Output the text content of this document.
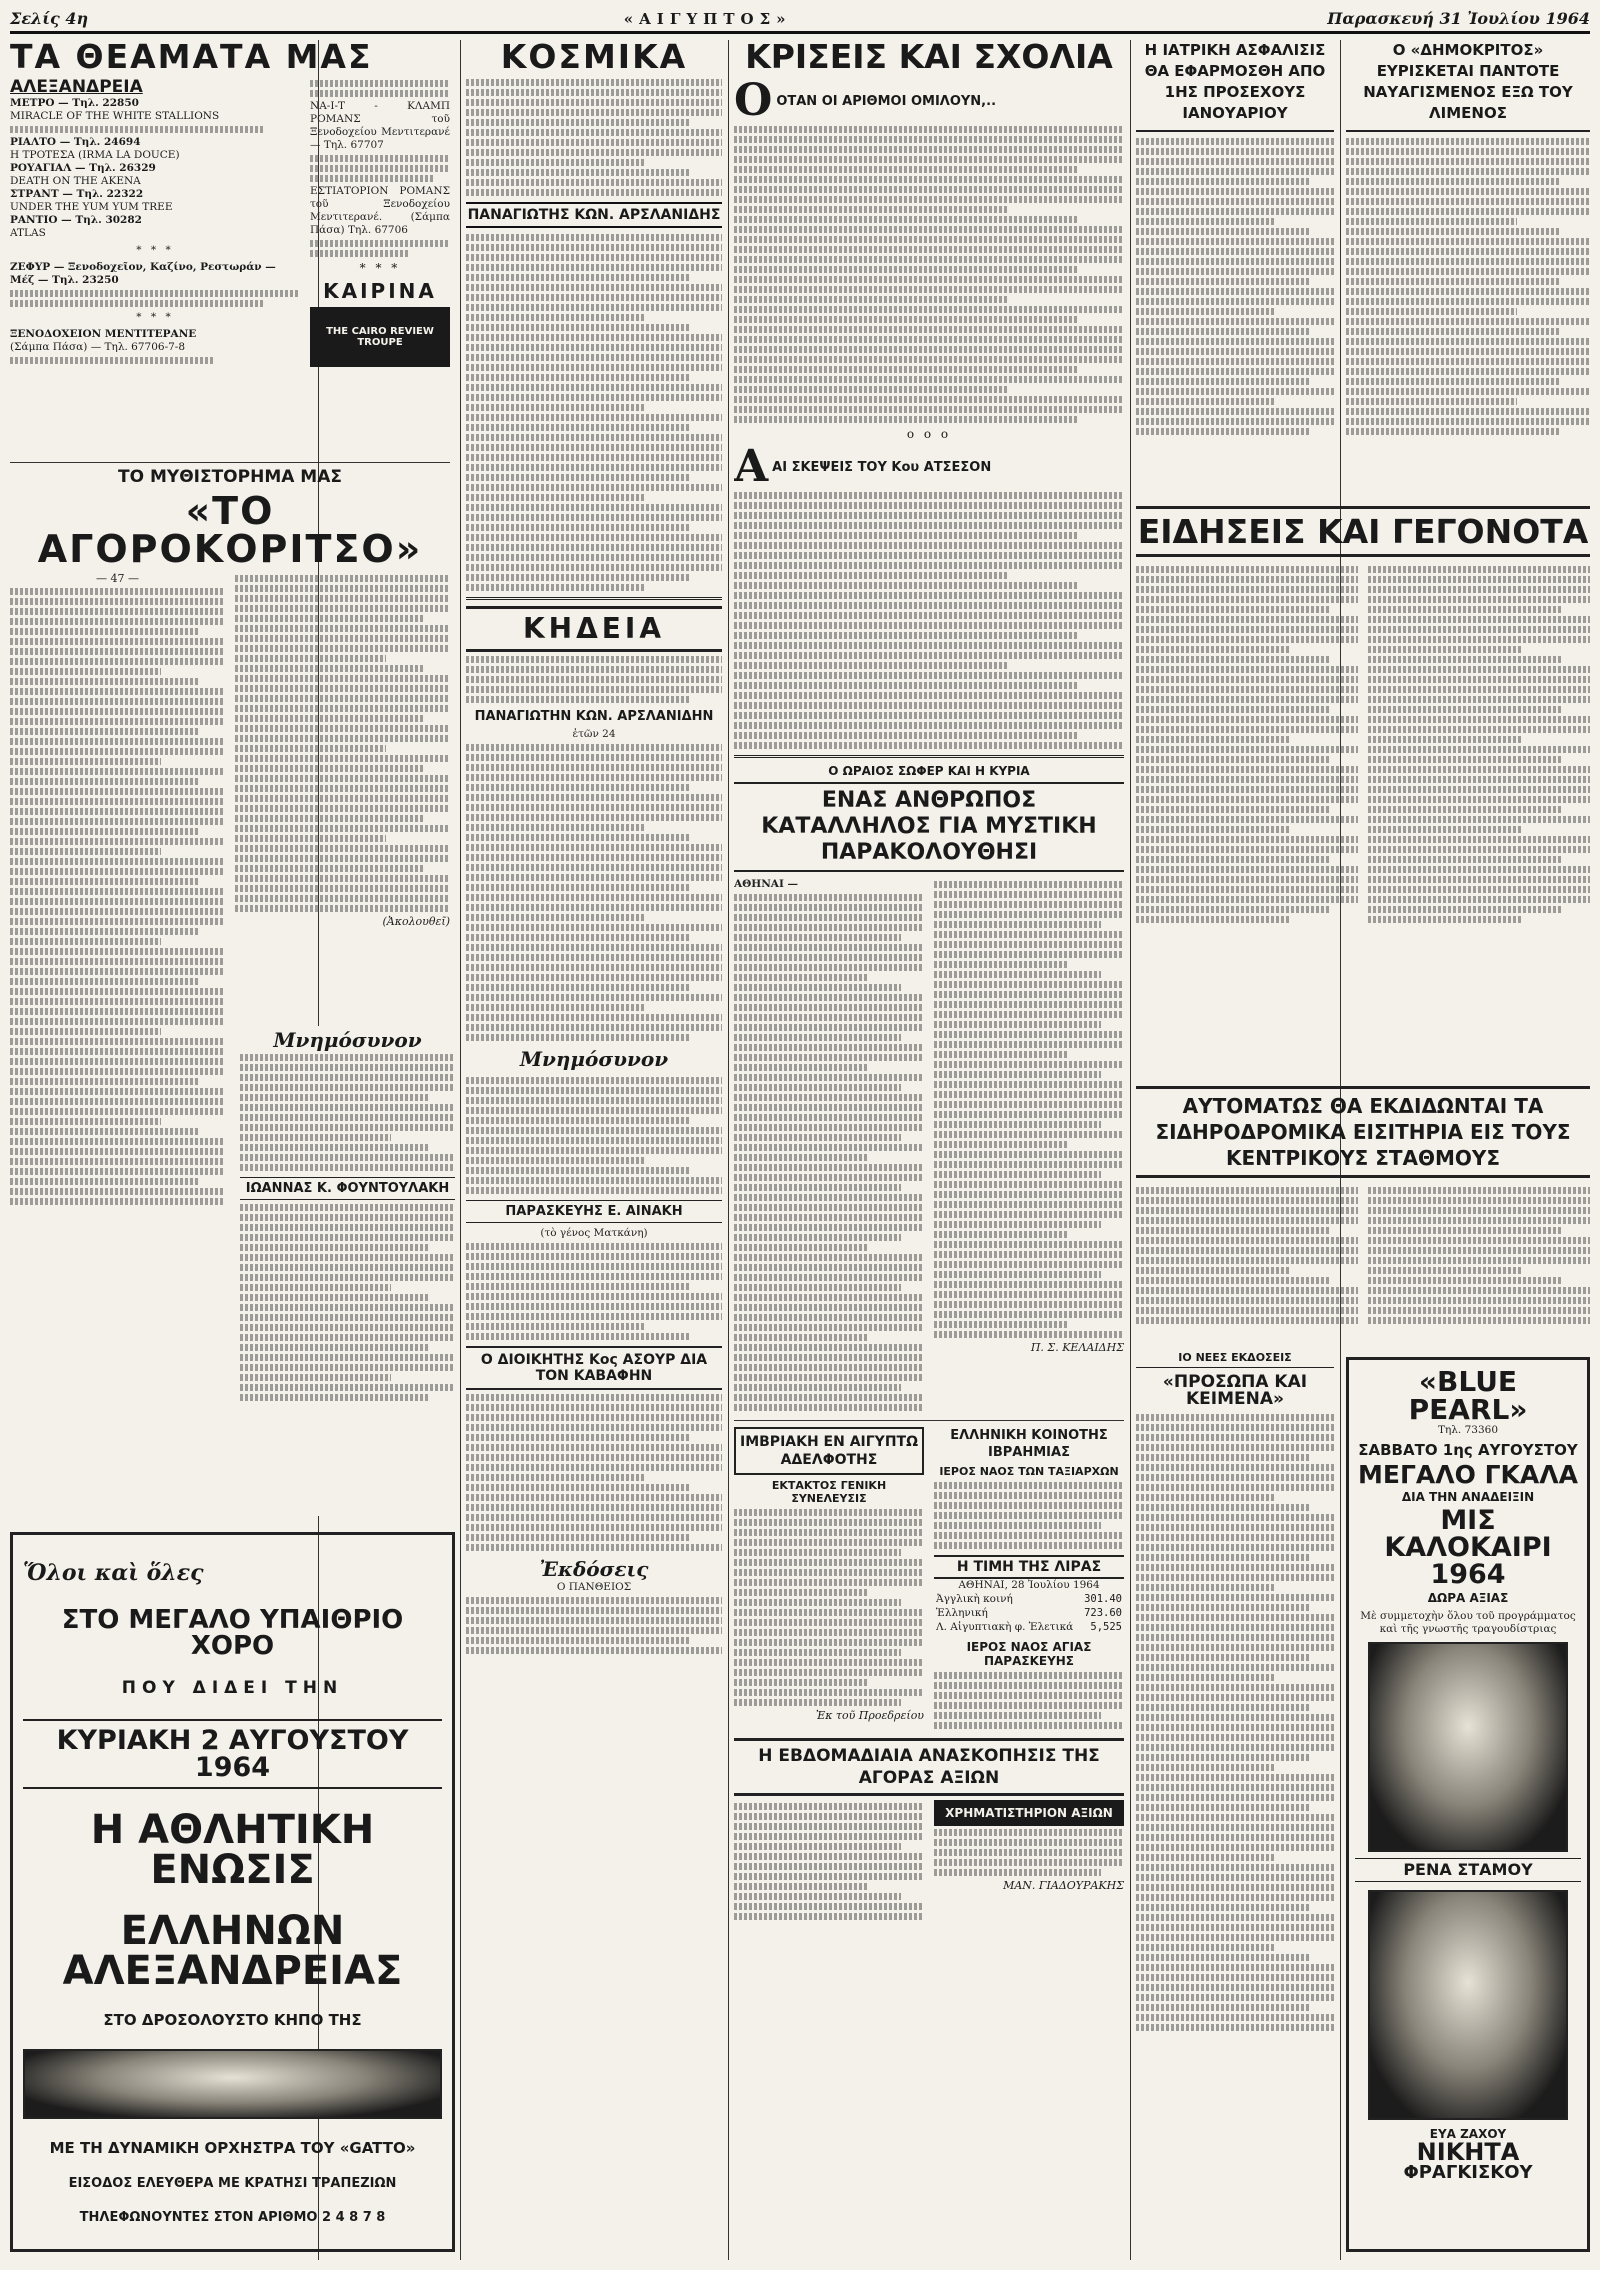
Σελίς 4η	«ΑΙΓΥΠΤΟΣ»	Παρασκευή 31 Ἰουλίου 1964
ΤΑ ΘΕΑΜΑΤΑ ΜΑΣ
ΑΛΕΞΑΝΔΡΕΙΑ
ΜΕΤΡΟ — Τηλ. 22850
MIRACLE OF THE WHITE STALLIONS
ΡΙΑΛΤΟ — Τηλ. 24694
Η ΤΡΟΤΕΣΑ (IRMA LA DOUCE)
ΡΟΥΑΓΙΑΛ — Τηλ. 26329
DEATH ON THE AKENA
ΣΤΡΑΝΤ — Τηλ. 22322
UNDER THE YUM YUM TREE
ΡΑΝΤΙΟ — Τηλ. 30282
ATLAS
* * *
ΖΕΦΥΡ — Ξενοδοχεῖον, Καζίνο, Ρεστωράν — Μέζ — Τηλ. 23250
* * *
ΞΕΝΟΔΟΧΕΙΟΝ ΜΕΝΤΙΤΕΡΑΝΕ
(Σάμπα Πάσα) — Τηλ. 67706-7-8
ΝΑ-Ι-Τ - ΚΛΑΜΠ ΡΟΜΑΝΣ τοῦ Ξενοδοχείου Μεντιτερανέ — Τηλ. 67707
ΕΣΤΙΑΤΟΡΙΟΝ ΡΟΜΑΝΣ τοῦ Ξενοδοχείου Μεντιτερανέ. (Σάμπα Πάσα) Τηλ. 67706
* * *
ΚΑΙΡΙΝΑ
THE CAIRO REVIEW TROUPE
ΤΟ ΜΥΘΙΣΤΟΡΗΜΑ ΜΑΣ
«ΤΟ ΑΓΟΡΟΚΟΡΙΤΣΟ»
— 47 —
(Ἀκολουθεῖ)
Ὅλοι καὶ ὅλες
ΣΤΟ ΜΕΓΑΛΟ ΥΠΑΙΘΡΙΟ ΧΟΡΟ
ΠΟΥ ΔΙΔΕΙ ΤΗΝ
ΚΥΡΙΑΚΗ 2 ΑΥΓΟΥΣΤΟΥ 1964
Η ΑΘΛΗΤΙΚΗ ΕΝΩΣΙΣ
ΕΛΛΗΝΩΝ ΑΛΕΞΑΝΔΡΕΙΑΣ
ΣΤΟ ΔΡΟΣΟΛΟΥΣΤΟ ΚΗΠΟ ΤΗΣ
ΜΕ ΤΗ ΔΥΝΑΜΙΚΗ ΟΡΧΗΣΤΡΑ ΤΟΥ «GATTO»
ΕΙΣΟΔΟΣ ΕΛΕΥΘΕΡΑ ΜΕ ΚΡΑΤΗΣΙ ΤΡΑΠΕΖΙΩΝ
ΤΗΛΕΦΩΝΟΥΝΤΕΣ ΣΤΟΝ ΑΡΙΘΜΟ 2 4 8 7 8
ΚΟΣΜΙΚΑ
ΠΑΝΑΓΙΩΤΗΣ ΚΩΝ. ΑΡΣΛΑΝΙΔΗΣ
ΚΗΔΕΙΑ
ΠΑΝΑΓΙΩΤΗΝ ΚΩΝ. ΑΡΣΛΑΝΙΔΗΝ
ἐτῶν 24
Μνημόσυνον
ΠΑΡΑΣΚΕΥΗΣ Ε. ΑΙΝΑΚΗ
(τὸ γένος Ματκάνη)
Ο ΔΙΟΙΚΗΤΗΣ Κος ΑΣΟΥΡ ΔΙΑ ΤΟΝ ΚΑΒΑΦΗΝ
Ἐκδόσεις
Ο ΠΑΝΘΕΙΟΣ
Μνημόσυνον
ΙΩΑΝΝΑΣ Κ. ΦΟΥΝΤΟΥΛΑΚΗ
ΚΡΙΣΕΙΣ ΚΑΙ ΣΧΟΛΙΑ
Ο ΟΤΑΝ ΟΙ ΑΡΙΘΜΟΙ ΟΜΙΛΟΥΝ,..
o o o
Α ΑΙ ΣΚΕΨΕΙΣ ΤΟΥ Κου ΑΤΣΕΣΟΝ
Ο ΩΡΑΙΟΣ ΣΩΦΕΡ ΚΑΙ Η ΚΥΡΙΑ
ΕΝΑΣ ΑΝΘΡΩΠΟΣ ΚΑΤΑΛΛΗΛΟΣ ΓΙΑ ΜΥΣΤΙΚΗ ΠΑΡΑΚΟΛΟΥΘΗΣΙ
ΑΘΗΝΑΙ —
Π. Σ. ΚΕΛΑΙΔΗΣ
ΙΜΒΡΙΑΚΗ ΕΝ ΑΙΓΥΠΤΩ ΑΔΕΛΦΟΤΗΣ
ΕΚΤΑΚΤΟΣ ΓΕΝΙΚΗ ΣΥΝΕΛΕΥΣΙΣ
Ἐκ τοῦ Προεδρείου
ΕΛΛΗΝΙΚΗ ΚΟΙΝΟΤΗΣ ΙΒΡΑΗΜΙΑΣ
ΙΕΡΟΣ ΝΑΟΣ ΤΩΝ ΤΑΞΙΑΡΧΩΝ
Η ΤΙΜΗ ΤΗΣ ΛΙΡΑΣ
ΑΘΗΝΑΙ, 28 Ἰουλίου 1964
Ἀγγλικὴ κοινή	301.40
Ἑλληνική	723.60
Λ. Αἰγυπτιακὴ φ. Ἑλετικά	5,525
ΙΕΡΟΣ ΝΑΟΣ ΑΓΙΑΣ ΠΑΡΑΣΚΕΥΗΣ
Η ΕΒΔΟΜΑΔΙΑΙΑ ΑΝΑΣΚΟΠΗΣΙΣ ΤΗΣ ΑΓΟΡΑΣ ΑΞΙΩΝ
ΧΡΗΜΑΤΙΣΤΗΡΙΟΝ ΑΞΙΩΝ
ΜΑΝ. ΓΙΑΔΟΥΡΑΚΗΣ
Η ΙΑΤΡΙΚΗ ΑΣΦΑΛΙΣΙΣ ΘΑ ΕΦΑΡΜΟΣΘΗ ΑΠΟ 1ΗΣ ΠΡΟΣΕΧΟΥΣ ΙΑΝΟΥΑΡΙΟΥ
Ο «ΔΗΜΟΚΡΙΤΟΣ» ΕΥΡΙΣΚΕΤΑΙ ΠΑΝΤΟΤΕ ΝΑΥΑΓΙΣΜΕΝΟΣ ΕΞΩ ΤΟΥ ΛΙΜΕΝΟΣ
ΕΙΔΗΣΕΙΣ ΚΑΙ ΓΕΓΟΝΟΤΑ
ΑΥΤΟΜΑΤΩΣ ΘΑ ΕΚΔΙΔΩΝΤΑΙ ΤΑ ΣΙΔΗΡΟΔΡΟΜΙΚΑ ΕΙΣΙΤΗΡΙΑ ΕΙΣ ΤΟΥΣ ΚΕΝΤΡΙΚΟΥΣ ΣΤΑΘΜΟΥΣ
ΙΟ ΝΕΕΣ ΕΚΔΟΣΕΙΣ
«ΠΡΟΣΩΠΑ ΚΑΙ ΚΕΙΜΕΝΑ»
«BLUE PEARL»
Τηλ. 73360
ΣΑΒΒΑΤΟ 1ης ΑΥΓΟΥΣΤΟΥ
ΜΕΓΑΛΟ ΓΚΑΛΑ
ΔΙΑ ΤΗΝ ΑΝΑΔΕΙΞΙΝ
ΜΙΣ ΚΑΛΟΚΑΙΡΙ 1964
ΔΩΡΑ ΑΞΙΑΣ
Μὲ συμμετοχὴν ὅλου τοῦ προγράμματος καὶ τῆς γνωστῆς τραγουδίστριας
ΡΕΝΑ ΣΤΑΜΟΥ
ΕΥΑ ΖΑΧΟΥ
ΝΙΚΗΤΑ
ΦΡΑΓΚΙΣΚΟΥ
